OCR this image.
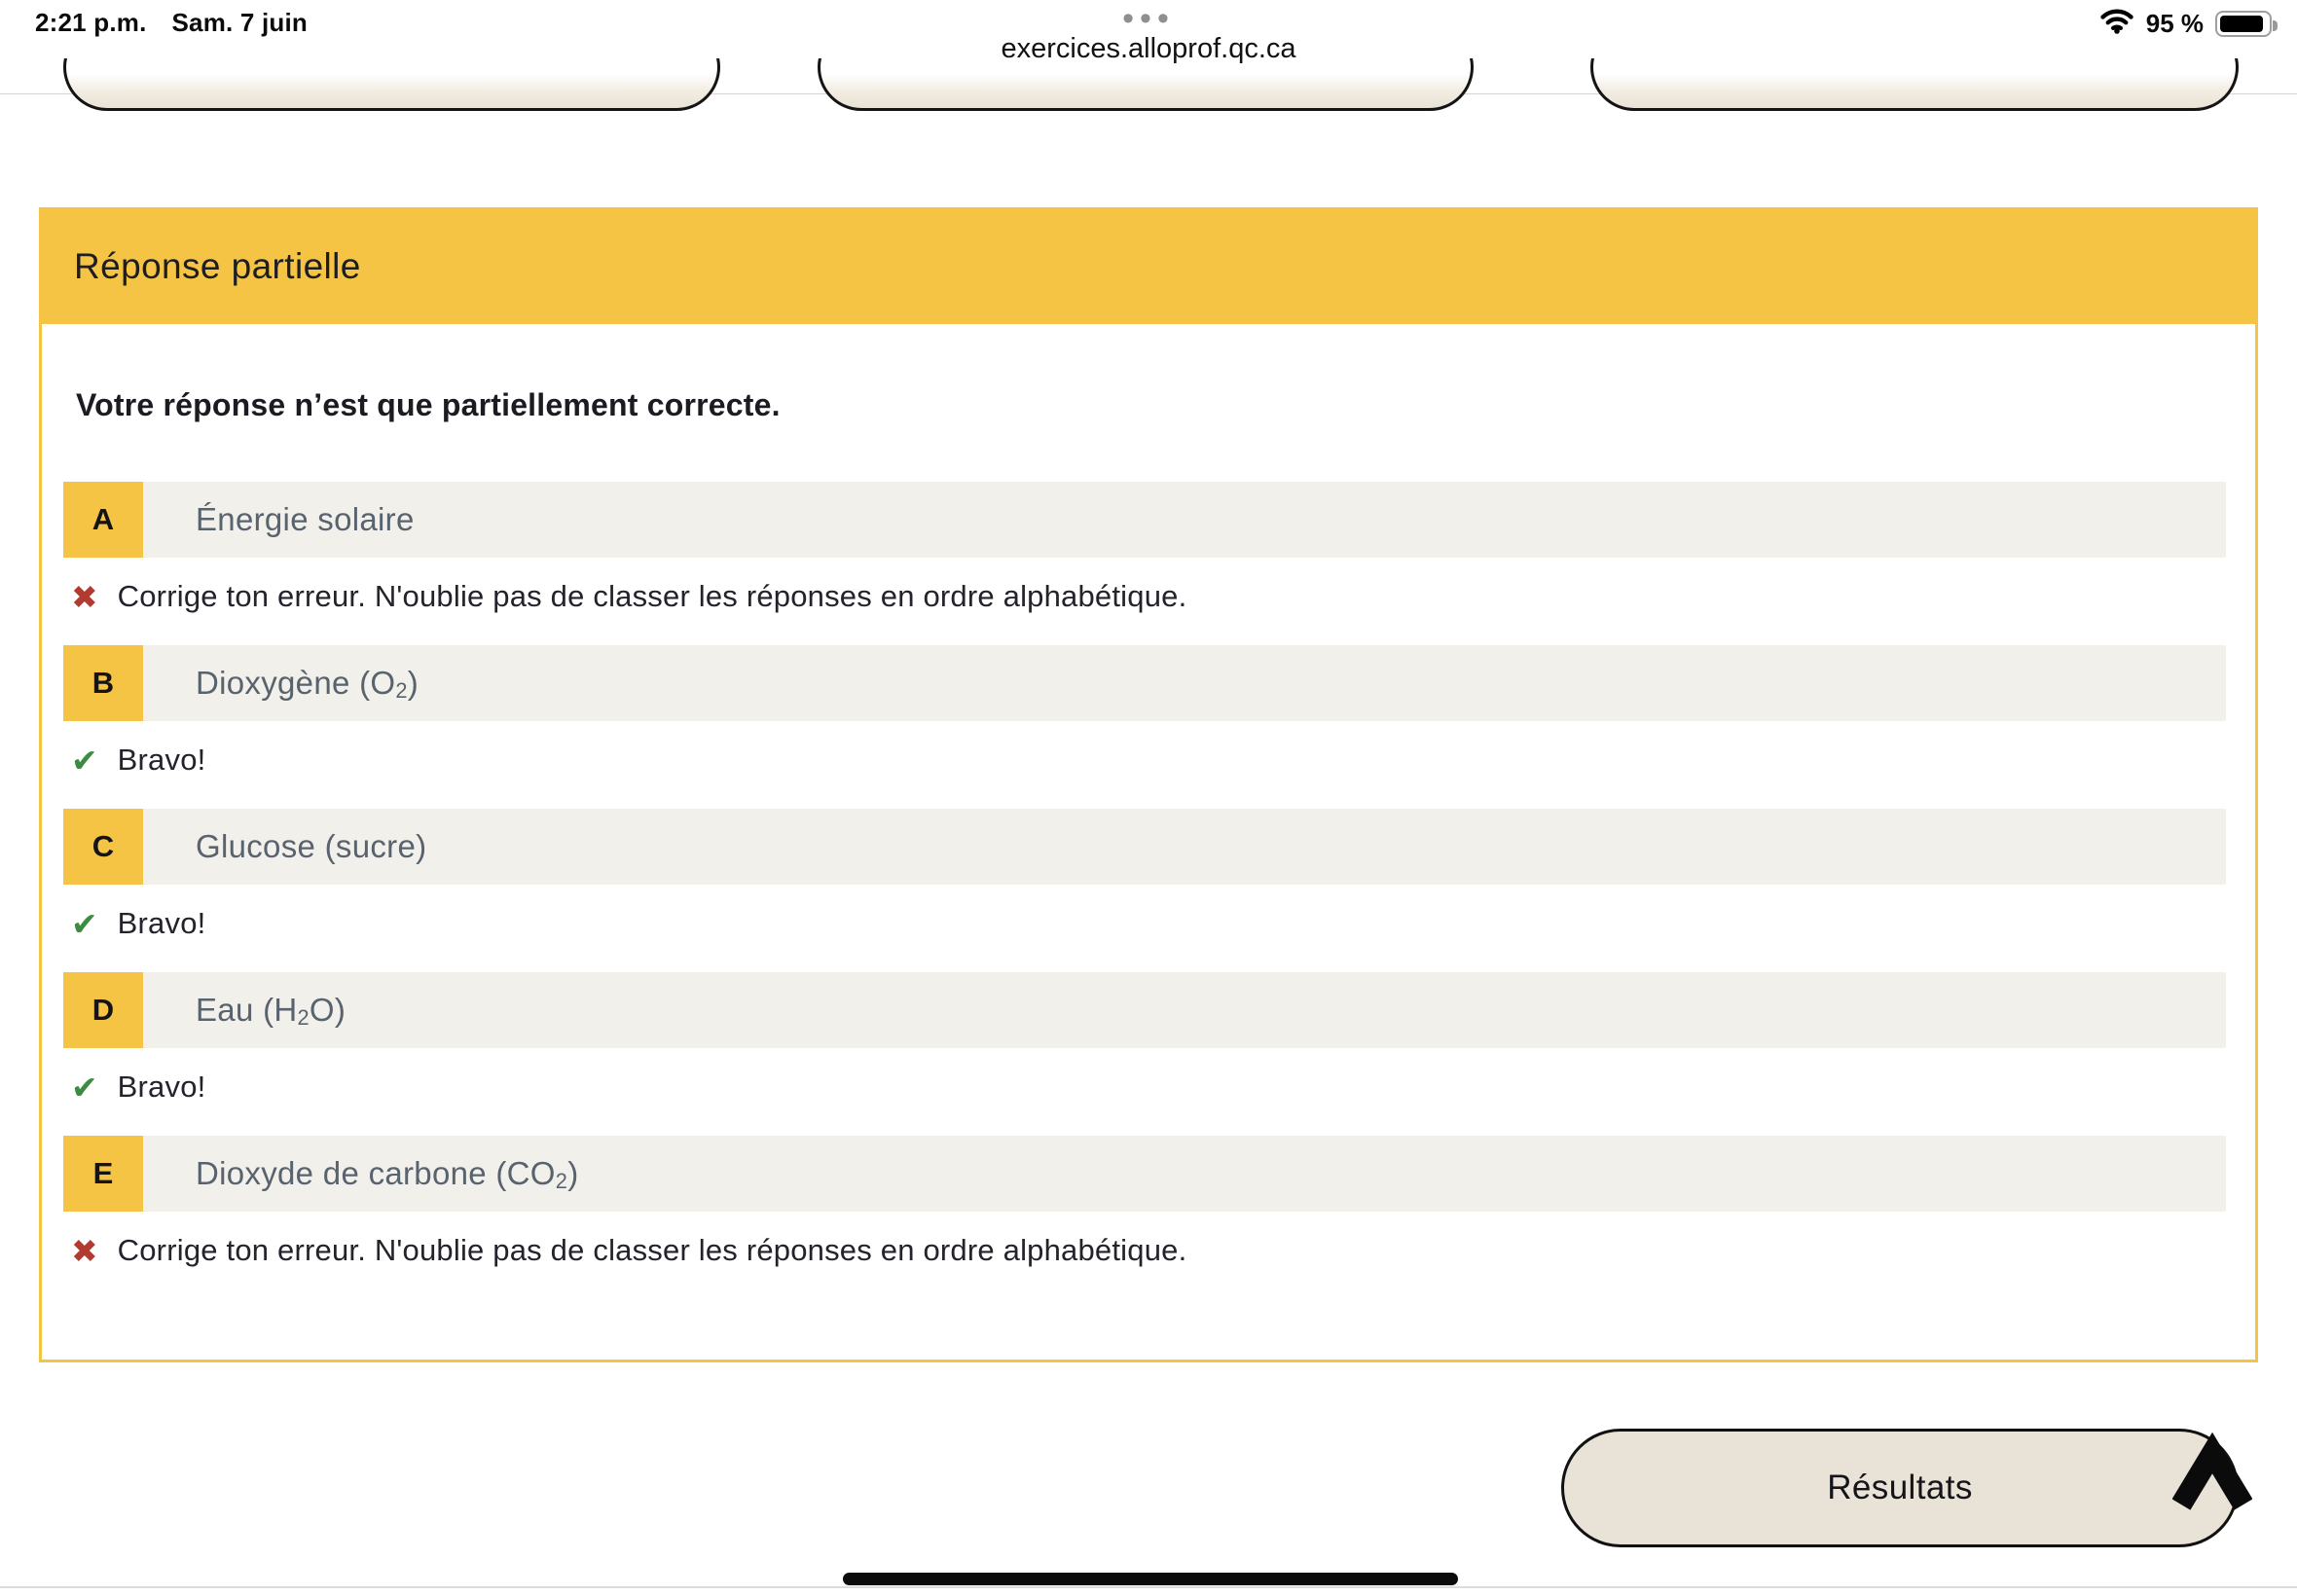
2:21 p.m. Sam. 7 juin	•••
exercices.alloprof.qc.ca
95 %
Réponse partielle
Votre réponse n’est que partiellement correcte.
A	Énergie solaire
✖ Corrige ton erreur. N'oublie pas de classer les réponses en ordre alphabétique.
B	Dioxygène (O 2 )
✔ Bravo!
C	Glucose (sucre)
✔ Bravo!
D	Eau (H 2 O)
✔ Bravo!
E	Dioxyde de carbone (CO 2 )
✖ Corrige ton erreur. N'oublie pas de classer les réponses en ordre alphabétique.
Résultats
